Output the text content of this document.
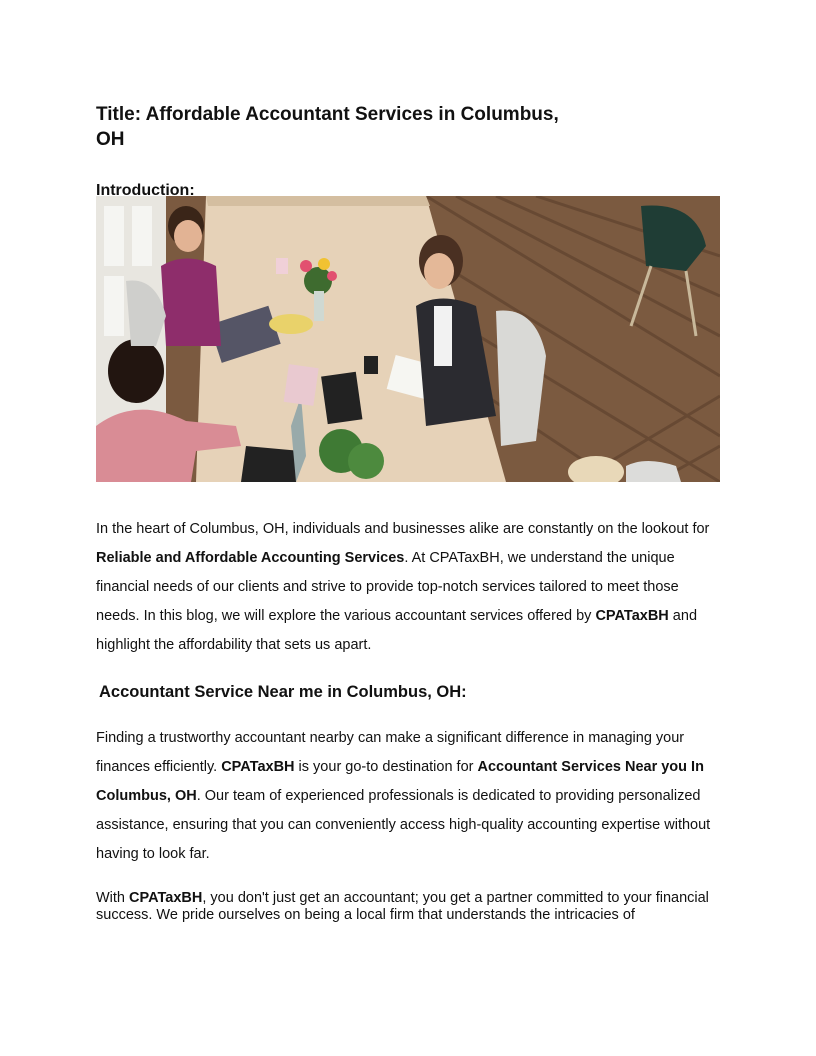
Title: Affordable Accountant Services in Columbus, OH
Introduction:

In the heart of Columbus, OH, individuals and businesses alike are constantly on the lookout for Reliable and Affordable Accounting Services. At CPATaxBH, we understand the unique financial needs of our clients and strive to provide top-notch services tailored to meet those needs. In this blog, we will explore the various accountant services offered by CPATaxBH and highlight the affordability that sets us apart.

Accountant Service Near me in Columbus, OH:

Finding a trustworthy accountant nearby can make a significant difference in managing your finances efficiently. CPATaxBH is your go-to destination for Accountant Services Near you In Columbus, OH. Our team of experienced professionals is dedicated to providing personalized assistance, ensuring that you can conveniently access high-quality accounting expertise without having to look far.

With CPATaxBH, you don't just get an accountant; you get a partner committed to your financial success. We pride ourselves on being a local firm that understands the intricacies of
